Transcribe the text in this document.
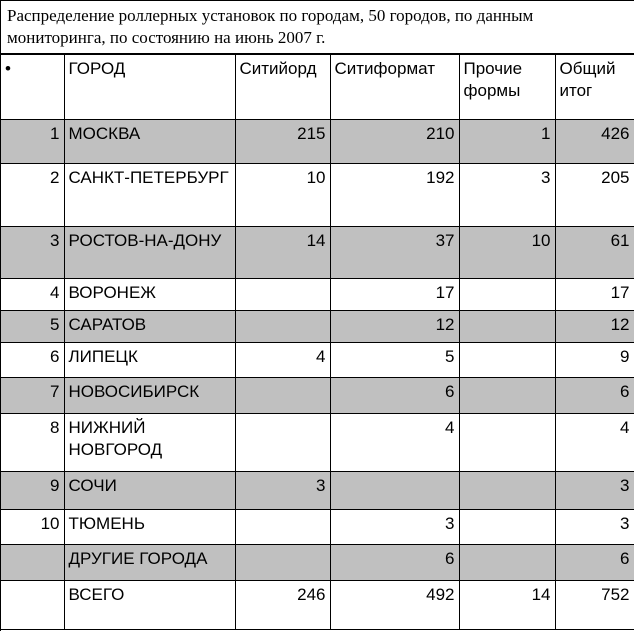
Распределение роллерных установок по городам, 50 городов, по данным мониторинга, по состоянию на июнь 2007 г.
•	ГОРОД	Ситийорд	Ситиформат	Прочие формы	Общий итог
1	МОСКВА	215	210	1	426
2	САНКТ-ПЕТЕРБУРГ	10	192	3	205
3	РОСТОВ-НА-ДОНУ	14	37	10	61
4	ВОРОНЕЖ		17		17
5	САРАТОВ		12		12
6	ЛИПЕЦК	4	5		9
7	НОВОСИБИРСК		6		6
8	НИЖНИЙ НОВГОРОД		4		4
9	СОЧИ	3			3
10	ТЮМЕНЬ		3		3
	ДРУГИЕ ГОРОДА		6		6
	ВСЕГО	246	492	14	752
